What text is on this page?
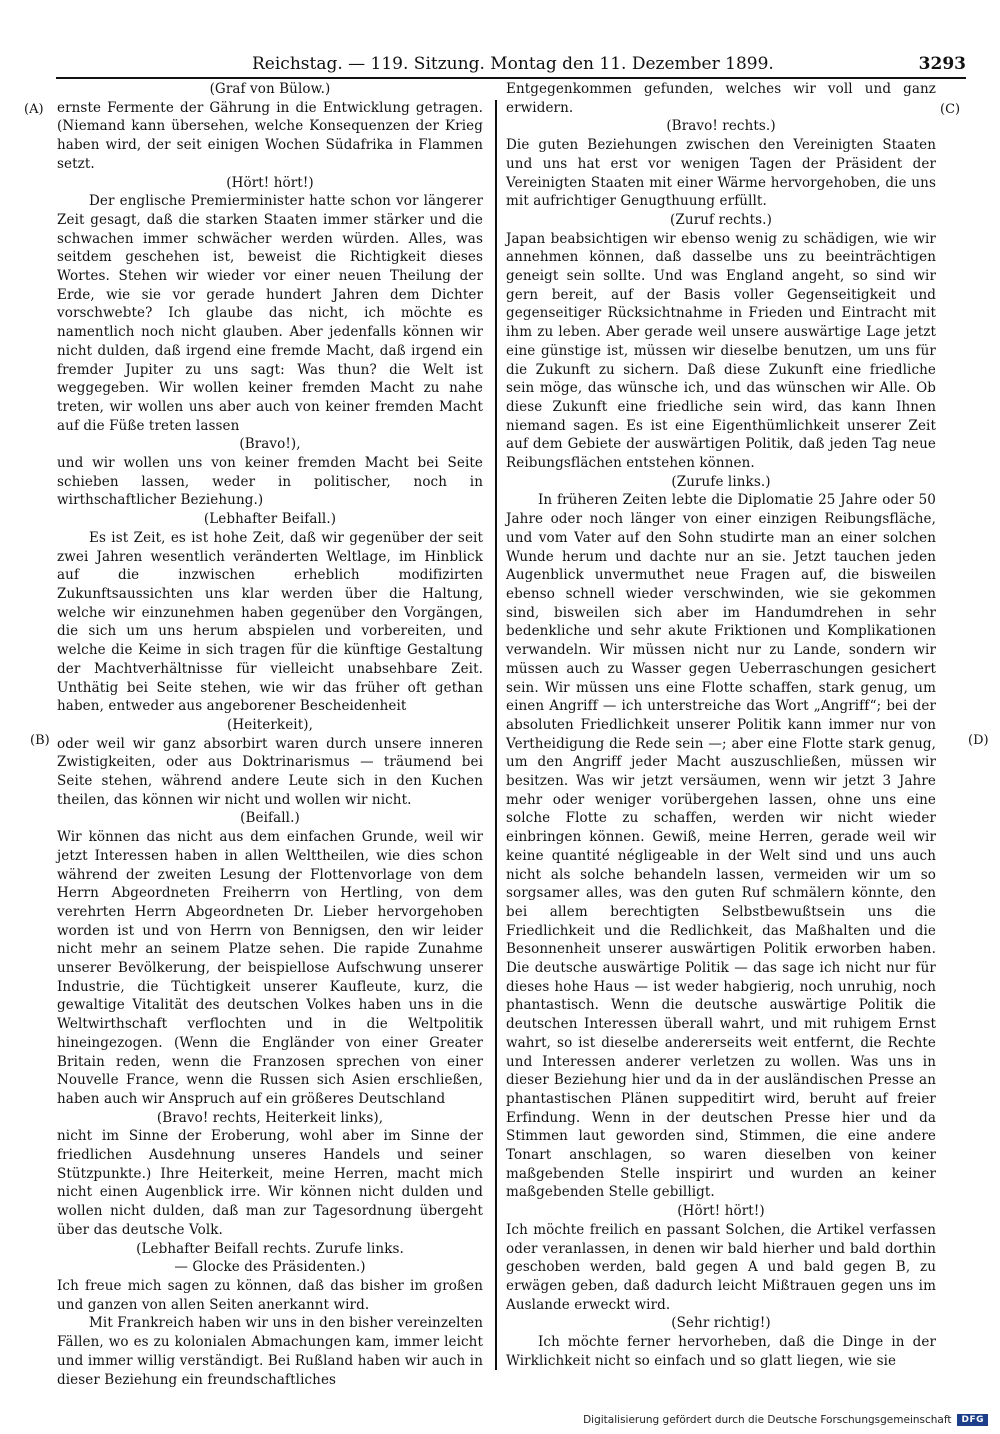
Reichstag. — 119. Sitzung. Montag den 11. Dezember 1899.	3293
(A)
(B)
(C)
(D)

(Graf von Bülow.)

ernste Fermente der Gährung in die Entwicklung getragen. (Niemand kann übersehen, welche Konsequenzen der Krieg haben wird, der seit einigen Wochen Südafrika in Flammen setzt.

(Hört! hört!)

Der englische Premierminister hatte schon vor längerer Zeit gesagt, daß die starken Staaten immer stärker und die schwachen immer schwächer werden würden. Alles, was seitdem geschehen ist, beweist die Richtigkeit dieses Wortes. Stehen wir wieder vor einer neuen Theilung der Erde, wie sie vor gerade hundert Jahren dem Dichter vorschwebte? Ich glaube das nicht, ich möchte es namentlich noch nicht glauben. Aber jedenfalls können wir nicht dulden, daß irgend eine fremde Macht, daß irgend ein fremder Jupiter zu uns sagt: Was thun? die Welt ist weggegeben. Wir wollen keiner fremden Macht zu nahe treten, wir wollen uns aber auch von keiner fremden Macht auf die Füße treten lassen

(Bravo!),

und wir wollen uns von keiner fremden Macht bei Seite schieben lassen, weder in politischer, noch in wirthschaftlicher Beziehung.)

(Lebhafter Beifall.)

Es ist Zeit, es ist hohe Zeit, daß wir gegenüber der seit zwei Jahren wesentlich veränderten Weltlage, im Hinblick auf die inzwischen erheblich modifizirten Zukunftsaussichten uns klar werden über die Haltung, welche wir einzunehmen haben gegenüber den Vorgängen, die sich um uns herum abspielen und vorbereiten, und welche die Keime in sich tragen für die künftige Gestaltung der Machtverhältnisse für vielleicht unabsehbare Zeit. Unthätig bei Seite stehen, wie wir das früher oft gethan haben, entweder aus angeborener Bescheidenheit

(Heiterkeit),

oder weil wir ganz absorbirt waren durch unsere inneren Zwistigkeiten, oder aus Doktrinarismus — träumend bei Seite stehen, während andere Leute sich in den Kuchen theilen, das können wir nicht und wollen wir nicht.

(Beifall.)

Wir können das nicht aus dem einfachen Grunde, weil wir jetzt Interessen haben in allen Welttheilen, wie dies schon während der zweiten Lesung der Flottenvorlage von dem Herrn Abgeordneten Freiherrn von Hertling, von dem verehrten Herrn Abgeordneten Dr. Lieber hervorgehoben worden ist und von Herrn von Bennigsen, den wir leider nicht mehr an seinem Platze sehen. Die rapide Zunahme unserer Bevölkerung, der beispiellose Aufschwung unserer Industrie, die Tüchtigkeit unserer Kaufleute, kurz, die gewaltige Vitalität des deutschen Volkes haben uns in die Weltwirthschaft verflochten und in die Weltpolitik hineingezogen. (Wenn die Engländer von einer Greater Britain reden, wenn die Franzosen sprechen von einer Nouvelle France, wenn die Russen sich Asien erschließen, haben auch wir Anspruch auf ein größeres Deutschland

(Bravo! rechts, Heiterkeit links),

nicht im Sinne der Eroberung, wohl aber im Sinne der friedlichen Ausdehnung unseres Handels und seiner Stützpunkte.) Ihre Heiterkeit, meine Herren, macht mich nicht einen Augenblick irre. Wir können nicht dulden und wollen nicht dulden, daß man zur Tagesordnung übergeht über das deutsche Volk.

(Lebhafter Beifall rechts. Zurufe links.

— Glocke des Präsidenten.)

Ich freue mich sagen zu können, daß das bisher im großen und ganzen von allen Seiten anerkannt wird.

Mit Frankreich haben wir uns in den bisher vereinzelten Fällen, wo es zu kolonialen Abmachungen kam, immer leicht und immer willig verständigt. Bei Rußland haben wir auch in dieser Beziehung ein freundschaftliches

Entgegenkommen gefunden, welches wir voll und ganz erwidern.

(Bravo! rechts.)

Die guten Beziehungen zwischen den Vereinigten Staaten und uns hat erst vor wenigen Tagen der Präsident der Vereinigten Staaten mit einer Wärme hervorgehoben, die uns mit aufrichtiger Genugthuung erfüllt.

(Zuruf rechts.)

Japan beabsichtigen wir ebenso wenig zu schädigen, wie wir annehmen können, daß dasselbe uns zu beeinträchtigen geneigt sein sollte. Und was England angeht, so sind wir gern bereit, auf der Basis voller Gegenseitigkeit und gegenseitiger Rücksichtnahme in Frieden und Eintracht mit ihm zu leben. Aber gerade weil unsere auswärtige Lage jetzt eine günstige ist, müssen wir dieselbe benutzen, um uns für die Zukunft zu sichern. Daß diese Zukunft eine friedliche sein möge, das wünsche ich, und das wünschen wir Alle. Ob diese Zukunft eine friedliche sein wird, das kann Ihnen niemand sagen. Es ist eine Eigenthümlichkeit unserer Zeit auf dem Gebiete der auswärtigen Politik, daß jeden Tag neue Reibungsflächen entstehen können.

(Zurufe links.)

In früheren Zeiten lebte die Diplomatie 25 Jahre oder 50 Jahre oder noch länger von einer einzigen Reibungsfläche, und vom Vater auf den Sohn studirte man an einer solchen Wunde herum und dachte nur an sie. Jetzt tauchen jeden Augenblick unvermuthet neue Fragen auf, die bisweilen ebenso schnell wieder verschwinden, wie sie gekommen sind, bisweilen sich aber im Handumdrehen in sehr bedenkliche und sehr akute Friktionen und Komplikationen verwandeln. Wir müssen nicht nur zu Lande, sondern wir müssen auch zu Wasser gegen Ueberraschungen gesichert sein. Wir müssen uns eine Flotte schaffen, stark genug, um einen Angriff — ich unterstreiche das Wort „Angriff“; bei der absoluten Friedlichkeit unserer Politik kann immer nur von Vertheidigung die Rede sein —; aber eine Flotte stark genug, um den Angriff jeder Macht auszuschließen, müssen wir besitzen. Was wir jetzt versäumen, wenn wir jetzt 3 Jahre mehr oder weniger vorübergehen lassen, ohne uns eine solche Flotte zu schaffen, werden wir nicht wieder einbringen können. Gewiß, meine Herren, gerade weil wir keine quantité négligeable in der Welt sind und uns auch nicht als solche behandeln lassen, vermeiden wir um so sorgsamer alles, was den guten Ruf schmälern könnte, den bei allem berechtigten Selbstbewußtsein uns die Friedlichkeit und die Redlichkeit, das Maßhalten und die Besonnenheit unserer auswärtigen Politik erworben haben. Die deutsche auswärtige Politik — das sage ich nicht nur für dieses hohe Haus — ist weder habgierig, noch unruhig, noch phantastisch. Wenn die deutsche auswärtige Politik die deutschen Interessen überall wahrt, und mit ruhigem Ernst wahrt, so ist dieselbe andererseits weit entfernt, die Rechte und Interessen anderer verletzen zu wollen. Was uns in dieser Beziehung hier und da in der ausländischen Presse an phantastischen Plänen suppeditirt wird, beruht auf freier Erfindung. Wenn in der deutschen Presse hier und da Stimmen laut geworden sind, Stimmen, die eine andere Tonart anschlagen, so waren dieselben von keiner maßgebenden Stelle inspirirt und wurden an keiner maßgebenden Stelle gebilligt.

(Hört! hört!)

Ich möchte freilich en passant Solchen, die Artikel verfassen oder veranlassen, in denen wir bald hierher und bald dorthin geschoben werden, bald gegen A und bald gegen B, zu erwägen geben, daß dadurch leicht Mißtrauen gegen uns im Auslande erweckt wird.

(Sehr richtig!)

Ich möchte ferner hervorheben, daß die Dinge in der Wirklichkeit nicht so einfach und so glatt liegen, wie sie

Digitalisierung gefördert durch die Deutsche Forschungsgemeinschaft	DFG
